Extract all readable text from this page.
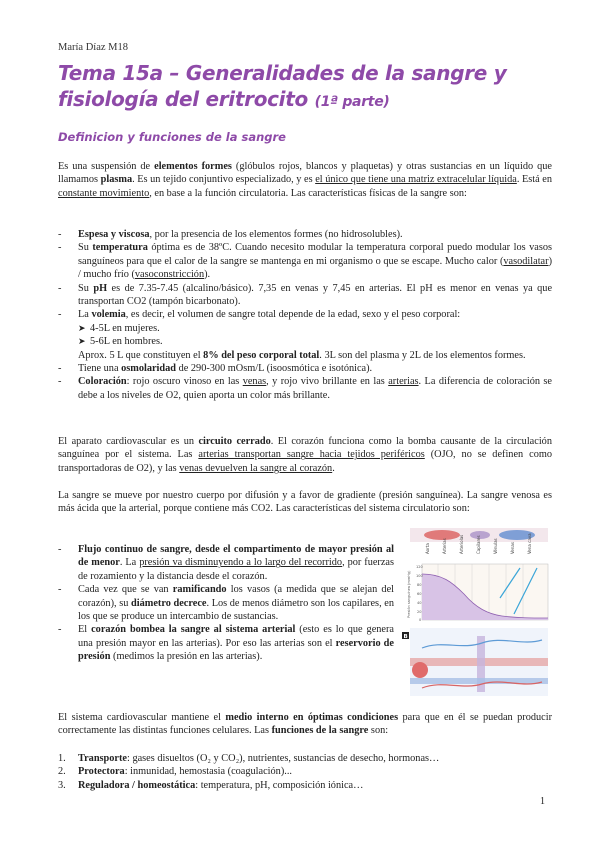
María Díaz M18
Tema 15a – Generalidades de la sangre y fisiología del eritrocito (1ª parte)
Definicion y funciones de la sangre

Es una suspensión de elementos formes (glóbulos rojos, blancos y plaquetas) y otras sustancias en un líquido que llamamos plasma. Es un tejido conjuntivo especializado, y es el único que tiene una matriz extracelular líquida. Está en constante movimiento, en base a la función circulatoria. Las características físicas de la sangre son:

- Espesa y viscosa, por la presencia de los elementos formes (no hidrosolubles).
- Su temperatura óptima es de 38ºC. Cuando necesito modular la temperatura corporal puedo modular los vasos sanguíneos para que el calor de la sangre se mantenga en mi organismo o que se escape. Mucho calor (vasodilatar) / mucho frío (vasoconstricción).
- Su pH es de 7.35-7.45 (alcalino/básico). 7,35 en venas y 7,45 en arterias. El pH es menor en venas ya que transportan CO2 (tampón bicarbonato).
- La volemia, es decir, el volumen de sangre total depende de la edad, sexo y el peso corporal:
➤ 4-5L en mujeres.
➤ 5-6L en hombres.
Aprox. 5 L que constituyen el 8% del peso corporal total. 3L son del plasma y 2L de los elementos formes.
- Tiene una osmolaridad de 290-300 mOsm/L (isoosmótica e isotónica).
- Coloración: rojo oscuro vinoso en las venas, y rojo vivo brillante en las arterias. La diferencia de coloración se debe a los niveles de O2, quien aporta un color más brillante.

El aparato cardiovascular es un circuito cerrado. El corazón funciona como la bomba causante de la circulación sanguínea por el sistema. Las arterias transportan sangre hacia tejidos periféricos (OJO, no se definen como transportadoras de O2), y las venas devuelven la sangre al corazón.

La sangre se mueve por nuestro cuerpo por difusión y a favor de gradiente (presión sanguínea). La sangre venosa es más ácida que la arterial, porque contiene más CO2. Las características del sistema circulatorio son:

- Flujo continuo de sangre, desde el compartimento de mayor presión al de menor. La presión va disminuyendo a lo largo del recorrido, por fuerzas de rozamiento y la distancia desde el corazón.
- Cada vez que se van ramificando los vasos (a medida que se alejan del corazón), su diámetro decrece. Los de menos diámetro son los capilares, en los que se produce un intercambio de sustancias.
- El corazón bombea la sangre al sistema arterial (esto es lo que genera una presión mayor en las arterias). Por eso las arterias son el reservorio de presión (medimos la presión en las arterias).
Aorta	Arterias	Arteriolas	Capilares	Vénulas	Venas	Vena cava
120
100
80
60
40
20
0
Presión sanguínea (mmHg)
B

El sistema cardiovascular mantiene el medio interno en óptimas condiciones para que en él se puedan producir correctamente las distintas funciones celulares. Las funciones de la sangre son:

1. Transporte: gases disueltos (O₂ y CO₂), nutrientes, sustancias de desecho, hormonas…
2. Protectora: inmunidad, hemostasia (coagulación)...
3. Reguladora / homeostática: temperatura, pH, composición iónica…
1
